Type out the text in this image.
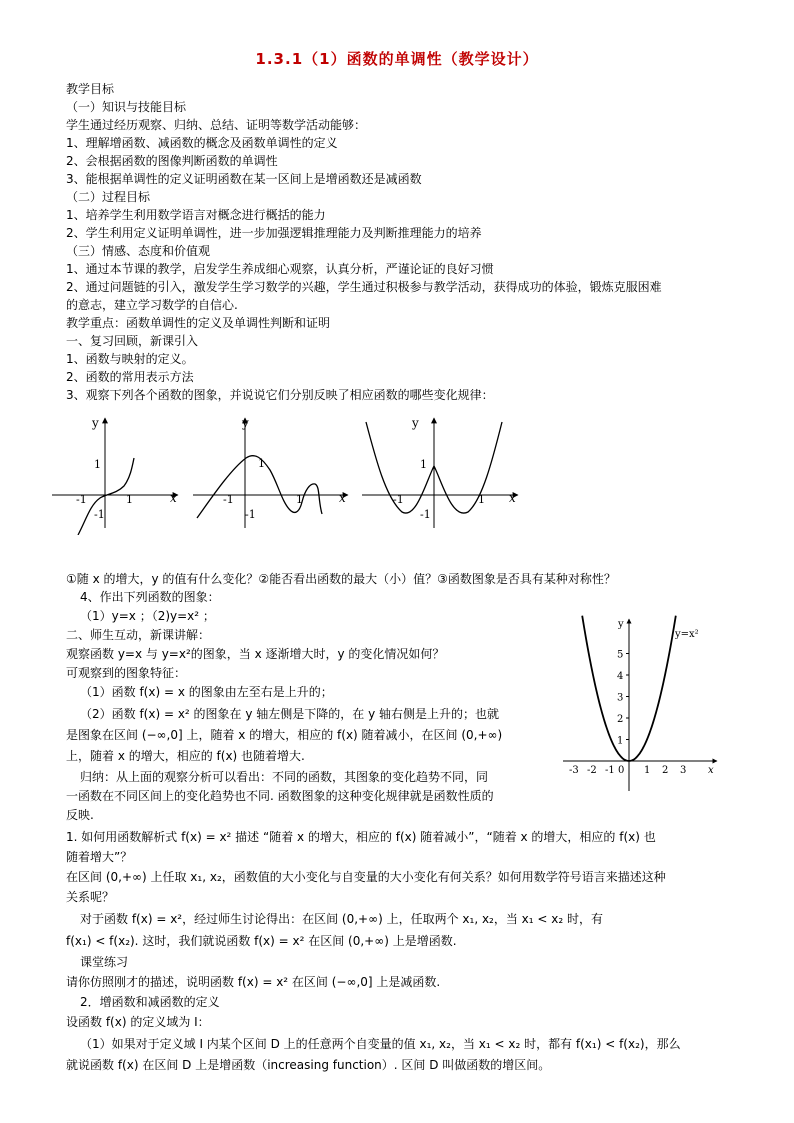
1.3.1（1）函数的单调性（教学设计）
教学目标
（一）知识与技能目标
学生通过经历观察、归纳、总结、证明等数学活动能够：
1、理解增函数、减函数的概念及函数单调性的定义
2、会根据函数的图像判断函数的单调性
3、能根据单调性的定义证明函数在某一区间上是增函数还是减函数
（二）过程目标
1、培养学生利用数学语言对概念进行概括的能力
2、学生利用定义证明单调性，进一步加强逻辑推理能力及判断推理能力的培养
（三）情感、态度和价值观
1、通过本节课的教学，启发学生养成细心观察，认真分析，严谨论证的良好习惯
2、通过问题链的引入，激发学生学习数学的兴趣，学生通过积极参与教学活动，获得成功的体验，锻炼克服困难
的意志，建立学习数学的自信心.
教学重点：函数单调性的定义及单调性判断和证明
一、复习回顾，新课引入
1、函数与映射的定义。
2、函数的常用表示方法
3、观察下列各个函数的图象，并说说它们分别反映了相应函数的哪些变化规律：
y
x
1
-1
1
-1
y
x
1
-1
1
-1
y
x
1
-1
1
-1
①随 x 的增大，y 的值有什么变化？②能否看出函数的最大（小）值？③函数图象是否具有某种对称性？
4、作出下列函数的图象：
（1）y=x ；（2)y=x² ；
二、师生互动，新课讲解：
观察函数 y=x 与 y=x²的图象，当 x 逐渐增大时，y 的变化情况如何？
可观察到的图象特征：
（1）函数 f(x) = x 的图象由左至右是上升的；
（2）函数 f(x) = x² 的图象在 y 轴左侧是下降的，在 y 轴右侧是上升的；也就
是图象在区间 (−∞,0] 上，随着 x 的增大，相应的 f(x) 随着减小，在区间 (0,+∞)
上，随着 x 的增大，相应的 f(x) 也随着增大.
归纳：从上面的观察分析可以看出：不同的函数，其图象的变化趋势不同，同
一函数在不同区间上的变化趋势也不同. 函数图象的这种变化规律就是函数性质的
反映.
y
x
y=x²
0
5
4
3
2
1
-3 -2 -1	1 2 3
1. 如何用函数解析式 f(x) = x² 描述 “随着 x 的增大，相应的 f(x) 随着减小”，“随着 x 的增大，相应的 f(x) 也
随着增大”？
在区间 (0,+∞) 上任取 x₁, x₂，函数值的大小变化与自变量的大小变化有何关系？如何用数学符号语言来描述这种
关系呢？
对于函数 f(x) = x²，经过师生讨论得出：在区间 (0,+∞) 上，任取两个 x₁, x₂，当 x₁ < x₂ 时，有
f(x₁) < f(x₂). 这时，我们就说函数 f(x) = x² 在区间 (0,+∞) 上是增函数.
课堂练习
请你仿照刚才的描述，说明函数 f(x) = x² 在区间 (−∞,0] 上是减函数.
2．增函数和减函数的定义
设函数 f(x) 的定义域为 I：
（1）如果对于定义域 I 内某个区间 D 上的任意两个自变量的值 x₁, x₂，当 x₁ < x₂ 时，都有 f(x₁) < f(x₂)，那么
就说函数 f(x) 在区间 D 上是增函数（increasing function）. 区间 D 叫做函数的增区间。
